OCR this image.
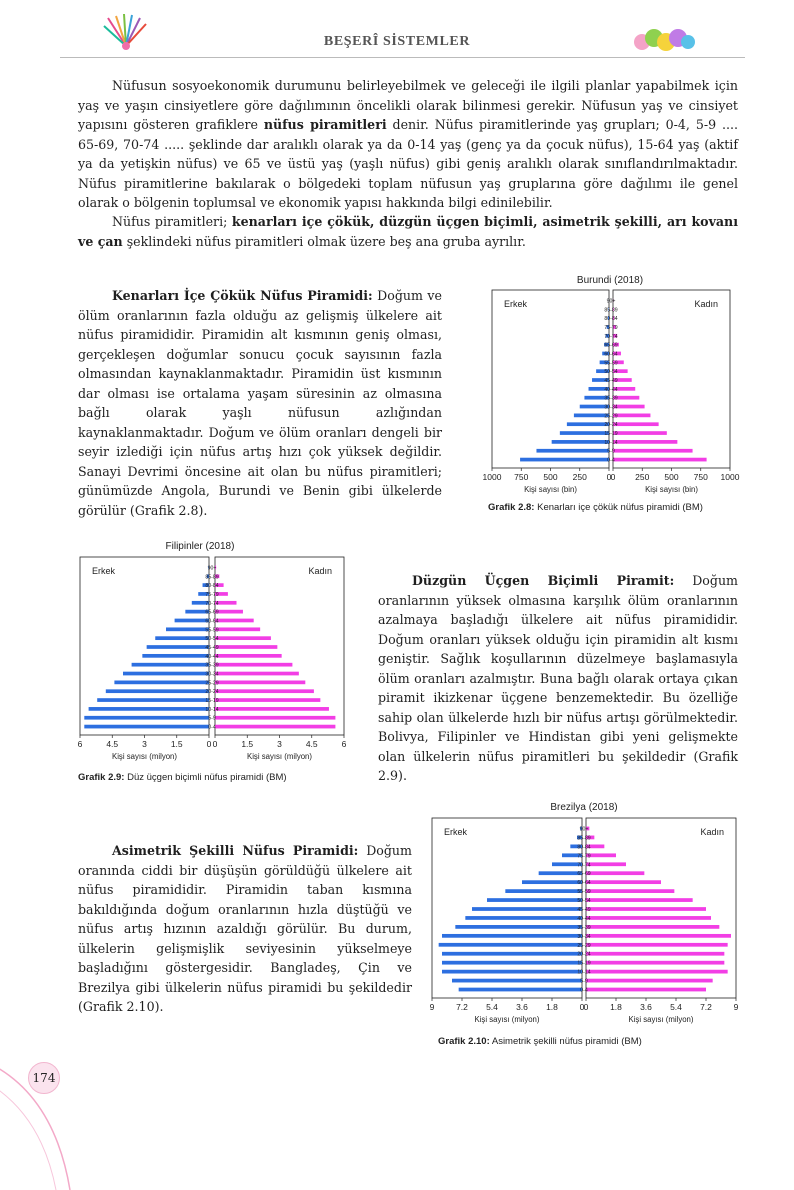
BEŞERÎ SİSTEMLER
Nüfusun sosyoekonomik durumunu belirleyebilmek ve geleceği ile ilgili planlar yapabilmek için yaş ve yaşın cinsiyetlere göre dağılımının öncelikli olarak bilinmesi gerekir. Nüfusun yaş ve cinsiyet yapısını gösteren grafiklere nüfus piramitleri denir. Nüfus piramitlerinde yaş grupları; 0-4, 5-9 .... 65-69, 70-74 ..... şeklinde dar aralıklı olarak ya da 0-14 yaş (genç ya da çocuk nüfus), 15-64 yaş (aktif ya da yetişkin nüfus) ve 65 ve üstü yaş (yaşlı nüfus) gibi geniş aralıklı olarak sınıflandırılmaktadır. Nüfus piramitlerine bakılarak o bölgedeki toplam nüfusun yaş gruplarına göre dağılımı ile genel olarak o bölgenin toplumsal ve ekonomik yapısı hakkında bilgi edinilebilir.
Nüfus piramitleri; kenarları içe çökük, düzgün üçgen biçimli, asimetrik şekilli, arı kovanı ve çan şeklindeki nüfus piramitleri olmak üzere beş ana gruba ayrılır.
Kenarları İçe Çökük Nüfus Piramidi: Doğum ve ölüm oranlarının fazla olduğu az gelişmiş ülkelere ait nüfus piramididir. Piramidin alt kısmının geniş olması, gerçekleşen doğumlar sonucu çocuk sayısının fazla olmasından kaynaklanmaktadır. Piramidin üst kısmının dar olması ise ortalama yaşam süresinin az olmasına bağlı olarak yaşlı nüfusun azlığından kaynaklanmaktadır. Doğum ve ölüm oranları dengeli bir seyir izlediği için nüfus artış hızı çok yüksek değildir. Sanayi Devrimi öncesine ait olan bu nüfus piramitleri; günümüzde Angola, Burundi ve Benin gibi ülkelerde görülür (Grafik 2.8).
Burundi (2018)
Erkek	Kadın
90+
85-89
80-84
75-79
70-74
65-69
60-64
55-59
50-54
45-49
40-44
35-39
30-34
25-29
20-24
15-19
10-14
5-9
0-4
1000 750 500 250 0 0 250 500 750 1000
Kişi sayısı (bin)	Kişi sayısı (bin)
Grafik 2.8: Kenarları içe çökük nüfus piramidi (BM)
Filipinler (2018)
Erkek	Kadın
90+
85-89
80-84
75-79
70-74
65-69
60-64
55-59
50-54
45-49
40-44
35-39
30-34
25-29
20-24
15-19
10-14
5-9
0-4
6	4.5	3	1.5	0 0	1.5	3	4.5	6
Kişi sayısı (milyon)	Kişi sayısı (milyon)
Grafik 2.9: Düz üçgen biçimli nüfus piramidi (BM)
Düzgün Üçgen Biçimli Piramit: Doğum oranlarının yüksek olmasına karşılık ölüm oranlarının azalmaya başladığı ülkelere ait nüfus piramididir. Doğum oranları yüksek olduğu için piramidin alt kısmı geniştir. Sağlık koşullarının düzelmeye başlamasıyla ölüm oranları azalmıştır. Buna bağlı olarak ortaya çıkan piramit ikizkenar üçgene benzemektedir. Bu özelliğe sahip olan ülkelerde hızlı bir nüfus artışı görülmektedir. Bolivya, Filipinler ve Hindistan gibi yeni gelişmekte olan ülkelerin nüfus piramitleri bu şekildedir (Grafik 2.9).
Asimetrik Şekilli Nüfus Piramidi: Doğum oranında ciddi bir düşüşün görüldüğü ülkelere ait nüfus piramididir. Piramidin taban kısmına bakıldığında doğum oranlarının hızla düştüğü ve nüfus artış hızının azaldığı görülür. Bu durum, ülkelerin gelişmişlik seviyesinin yükselmeye başladığını göstergesidir. Bangladeş, Çin ve Brezilya gibi ülkelerin nüfus piramidi bu şekildedir (Grafik 2.10).
Brezilya (2018)
Erkek	Kadın
90+
85-89
80-84
75-79
70-74
65-69
60-64
55-59
50-54
45-49
40-44
35-39
30-34
25-29
20-24
15-19
10-14
5-9
0-4
9	7.2 5.4 3.6 1.8	0 0	1.8 3.6 5.4 7.2	9
Kişi sayısı (milyon)	Kişi sayısı (milyon)
Grafik 2.10: Asimetrik şekilli nüfus piramidi (BM)
174
